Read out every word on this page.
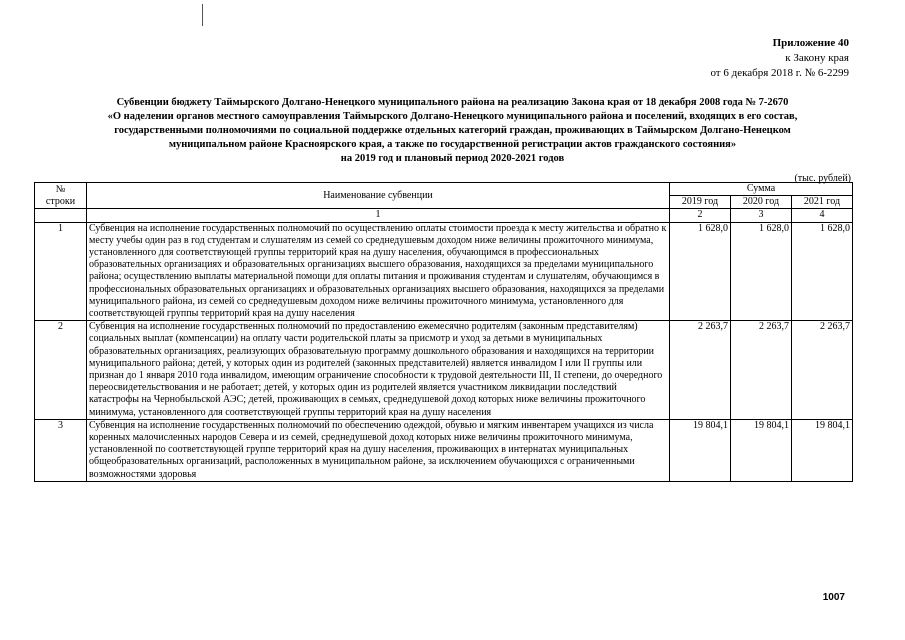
Приложение 40
к Закону края
от 6 декабря 2018 г. № 6-2299
Субвенции бюджету Таймырского Долгано-Ненецкого муниципального района на реализацию Закона края от 18 декабря 2008 года № 7-2670
«О наделении органов местного самоуправления Таймырского Долгано-Ненецкого муниципального района и поселений, входящих в его состав,
государственными полномочиями по социальной поддержке отдельных категорий граждан, проживающих в Таймырском Долгано-Ненецком
муниципальном районе Красноярского края, а также по государственной регистрации актов гражданского состояния»
на 2019 год и плановый период 2020-2021 годов
(тыс. рублей)
№
строки	Наименование субвенции	Сумма		
		2019 год	2020 год	2021 год
	1	2	3	4
1	Субвенция на исполнение государственных полномочий по осуществлению оплаты стоимости проезда к месту жительства и обратно к месту учебы один раз в год студентам и слушателям из семей со среднедушевым доходом ниже величины прожиточного минимума, установленного для соответствующей группы территорий края на душу населения, обучающимся в профессиональных образовательных организациях и образовательных организациях высшего образования, находящихся за пределами муниципального района; осуществлению выплаты материальной помощи для оплаты питания и проживания студентам и слушателям, обучающимся в профессиональных образовательных организациях и образовательных организациях высшего образования, находящихся за пределами муниципального района, из семей со среднедушевым доходом ниже величины прожиточного минимума, установленного для соответствующей группы территорий края на душу населения	1 628,0	1 628,0	1 628,0
2	Субвенция на исполнение государственных полномочий по предоставлению ежемесячно родителям (законным представителям) социальных выплат (компенсации) на оплату части родительской платы за присмотр и уход за детьми в муниципальных образовательных организациях, реализующих образовательную программу дошкольного образования и находящихся на территории муниципального района; детей, у которых один из родителей (законных представителей) является инвалидом I или II группы или признан до 1 января 2010 года инвалидом, имеющим ограничение способности к трудовой деятельности III, II степени, до очередного переосвидетельствования и не работает; детей, у которых один из родителей является участником ликвидации последствий катастрофы на Чернобыльской АЭС; детей, проживающих в семьях, среднедушевой доход которых ниже величины прожиточного минимума, установленного для соответствующей группы территорий края на душу населения	2 263,7	2 263,7	2 263,7
3	Субвенция на исполнение государственных полномочий по обеспечению одеждой, обувью и мягким инвентарем учащихся из числа коренных малочисленных народов Севера и из семей, среднедушевой доход которых ниже величины прожиточного минимума, установленной по соответствующей группе территорий края на душу населения, проживающих в интернатах муниципальных общеобразовательных организаций, расположенных в муниципальном районе, за исключением обучающихся с ограниченными возможностями здоровья	19 804,1	19 804,1	19 804,1
1007
